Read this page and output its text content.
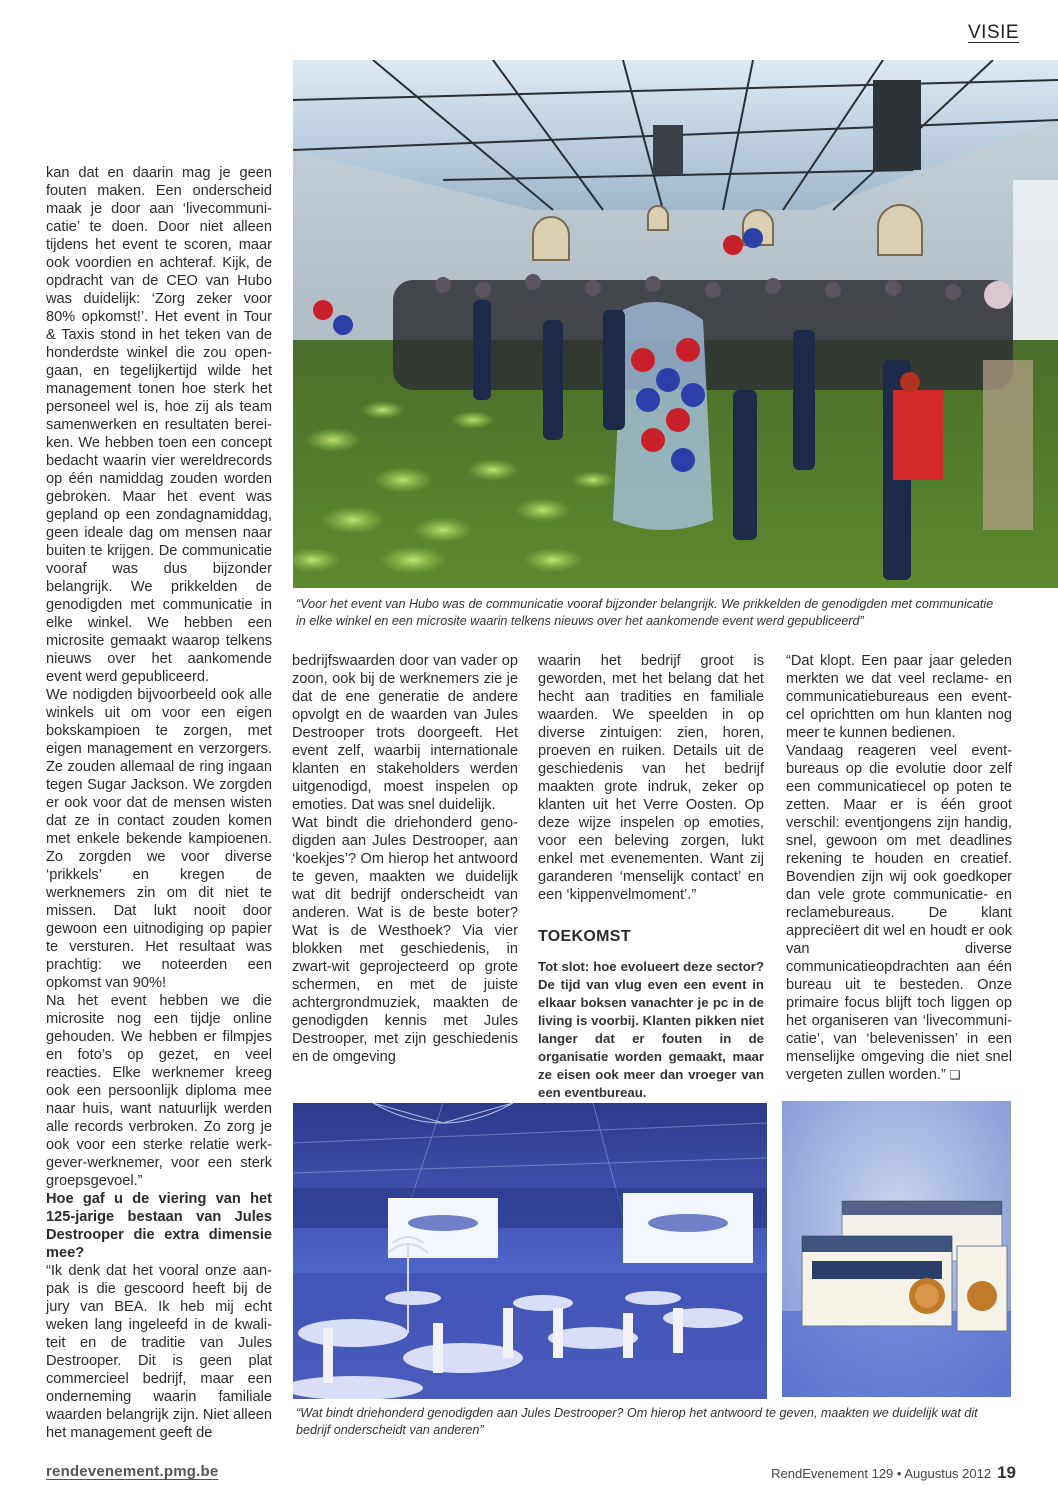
VISIE
“Voor het event van Hubo was de communicatie vooraf bijzonder belangrijk. We prikkelden de genodigden met communicatie in elke winkel en een microsite waarin telkens nieuws over het aankomende event werd gepubliceerd”

kan dat en daarin mag je geen fouten maken. Een onderscheid maak je door aan ‘livecommunicatie’ te doen. Door niet alleen tijdens het event te scoren, maar ook voordien en achteraf. Kijk, de opdracht van de CEO van Hubo was duidelijk: ‘Zorg zeker voor 80% opkomst!’. Het event in Tour & Taxis stond in het teken van de honderdste winkel die zou opengaan, en tegelijkertijd wilde het management tonen hoe sterk het personeel wel is, hoe zij als team samenwerken en resultaten bereiken. We hebben toen een concept bedacht waarin vier wereldrecords op één namiddag zouden worden gebroken. Maar het event was gepland op een zondagnamiddag, geen ideale dag om mensen naar buiten te krijgen. De communicatie vooraf was dus bijzonder belangrijk. We prikkelden de genodigden met communicatie in elke winkel. We hebben een microsite gemaakt waarop telkens nieuws over het aankomende event werd gepubliceerd.

We nodigden bijvoorbeeld ook alle winkels uit om voor een eigen bokskampioen te zorgen, met eigen management en verzorgers. Ze zouden allemaal de ring ingaan tegen Sugar Jackson. We zorgden er ook voor dat de mensen wisten dat ze in contact zouden komen met enkele bekende kampioenen. Zo zorgden we voor diverse ‘prikkels’ en kregen de werknemers zin om dit niet te missen. Dat lukt nooit door gewoon een uitnodiging op papier te versturen. Het resultaat was prachtig: we noteerden een opkomst van 90%!

Na het event hebben we die microsite nog een tijdje online gehouden. We hebben er filmpjes en foto’s op gezet, en veel reacties. Elke werknemer kreeg ook een persoonlijk diploma mee naar huis, want natuurlijk werden alle records verbroken. Zo zorg je ook voor een sterke relatie werkgever-werknemer, voor een sterk groepsgevoel.”

Hoe gaf u de viering van het 125-jarige bestaan van Jules Destrooper die extra dimensie mee?

“Ik denk dat het vooral onze aanpak is die gescoord heeft bij de jury van BEA. Ik heb mij echt weken lang ingeleefd in de kwaliteit en de traditie van Jules Destrooper. Dit is geen plat commercieel bedrijf, maar een onderneming waarin familiale waarden belangrijk zijn. Niet alleen het management geeft de

bedrijfswaarden door van vader op zoon, ook bij de werknemers zie je dat de ene generatie de andere opvolgt en de waarden van Jules Destrooper trots doorgeeft. Het event zelf, waarbij internationale klanten en stakeholders werden uitgenodigd, moest inspelen op emoties. Dat was snel duidelijk.

Wat bindt die driehonderd genodigden aan Jules Destrooper, aan ‘koekjes’? Om hierop het antwoord te geven, maakten we duidelijk wat dit bedrijf onderscheidt van anderen. Wat is de beste boter? Wat is de Westhoek? Via vier blokken met geschiedenis, in zwart-wit geprojecteerd op grote schermen, en met de juiste achtergrondmuziek, maakten de genodigden kennis met Jules Destrooper, met zijn geschiedenis en de omgeving

waarin het bedrijf groot is geworden, met het belang dat het hecht aan tradities en familiale waarden. We speelden in op diverse zintuigen: zien, horen, proeven en ruiken. Details uit de geschiedenis van het bedrijf maakten grote indruk, zeker op klanten uit het Verre Oosten. Op deze wijze inspelen op emoties, voor een beleving zorgen, lukt enkel met evenementen. Want zij garanderen ‘menselijk contact’ en een ‘kippenvelmoment’.”

TOEKOMST
Tot slot: hoe evolueert deze sector? De tijd van vlug even een event in elkaar boksen vanachter je pc in de living is voorbij. Klanten pikken niet langer dat er fouten in de organisatie worden gemaakt, maar ze eisen ook meer dan vroeger van een eventbureau.

“Dat klopt. Een paar jaar geleden merkten we dat veel reclame- en communicatiebureaus een eventcel oprichtten om hun klanten nog meer te kunnen bedienen.

Vandaag reageren veel eventbureaus op die evolutie door zelf een communicatiecel op poten te zetten. Maar er is één groot verschil: eventjongens zijn handig, snel, gewoon om met deadlines rekening te houden en creatief. Bovendien zijn wij ook goedkoper dan vele grote communicatie- en reclamebureaus. De klant appreciëert dit wel en houdt er ook van diverse communicatieopdrachten aan één bureau uit te besteden. Onze primaire focus blijft toch liggen op het organiseren van ‘livecommunicatie’, van ‘belevenissen’ in een menselijke omgeving die niet snel vergeten zullen worden.” ❑

“Wat bindt driehonderd genodigden aan Jules Destrooper? Om hierop het antwoord te geven, maakten we duidelijk wat dit bedrijf onderscheidt van anderen”
rendevenement.pmg.be	RendEvenement 129 • Augustus 2012 19
